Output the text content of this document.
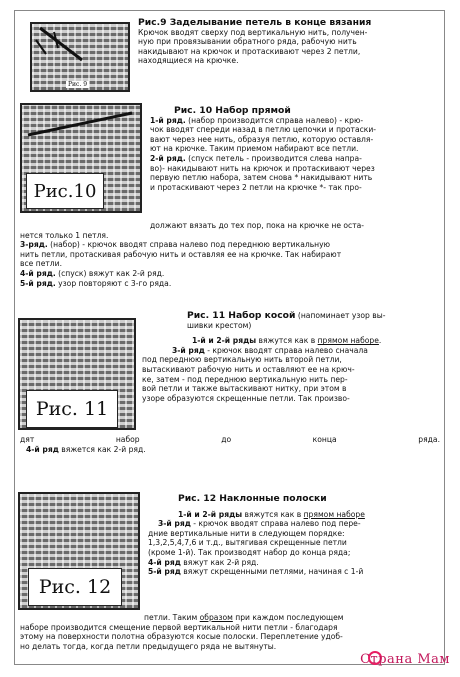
Рис. 9

Рис.9 Заделывание петель в конце вязания

Крючок вводят сверху под вертикальную нить, получен-

ную при провязывании обратного ряда, рабочую нить

накидывают на крючок и протаскивают через 2 петли,

находящиеся на крючке.

Рис.10

Рис. 10 Набор прямой

1-й ряд. (набор производится справа налево) - крю-

чок вводят спереди назад в петлю цепочки и протаски-

вают через нее нить, образуя петлю, которую оставля-

ют на крючке. Таким приемом набирают все петли.

2-й ряд. (спуск петель - производится слева напра-

во)- накидывают нить на крючок и протаскивают через

первую петлю набора, затем снова * накидывают нить

и протаскивают через 2 петли на крючке *- так про-

должают вязать до тех пор, пока на крючке не оста-

нется только 1 петля.

3-ряд. (набор) - крючок вводят справа налево под переднюю вертикальную

нить петли, протаскивая рабочую нить и оставляя ее на крючке. Так набирают

все петли.

4-й ряд. (спуск) вяжут как 2-й ряд.

5-й ряд. узор повторяют с 3-го ряда.

Рис. 11

Рис. 11 Набор косой (напоминает узор вы-

шивки крестом)

1-й и 2-й ряды вяжутся как в прямом наборе.

3-й ряд - крючок вводят справа налево сначала

под переднюю вертикальную нить второй петли,

вытаскивают рабочую нить и оставляют ее на крюч-

ке, затем - под переднюю вертикальную нить пер-

вой петли и также вытаскивают нитку, при этом в

узоре образуются скрещенные петли. Так произво-

дят набор до конца ряда.

4-й ряд вяжется как 2-й ряд.

Рис. 12

Рис. 12 Наклонные полоски

1-й и 2-й ряды вяжутся как в прямом наборе

3-й ряд - крючок вводят справа налево под пере-

дние вертикальные нити в следующем порядке:

1,3,2,5,4,7,6 и т.д., вытягивая скрещенные петли

(кроме 1-й). Так производят набор до конца ряда;

4-й ряд вяжут как 2-й ряд.

5-й ряд вяжут скрещенными петлями, начиная с 1-й

петли. Таким образом при каждом последующем

наборе производится смещение первой вертикальной нити петли - благодаря

этому на поверхности полотна образуются косые полоски. Переплетение удоб-

но делать тогда, когда петли предыдущего ряда не вытянуты.

Страна Мам
